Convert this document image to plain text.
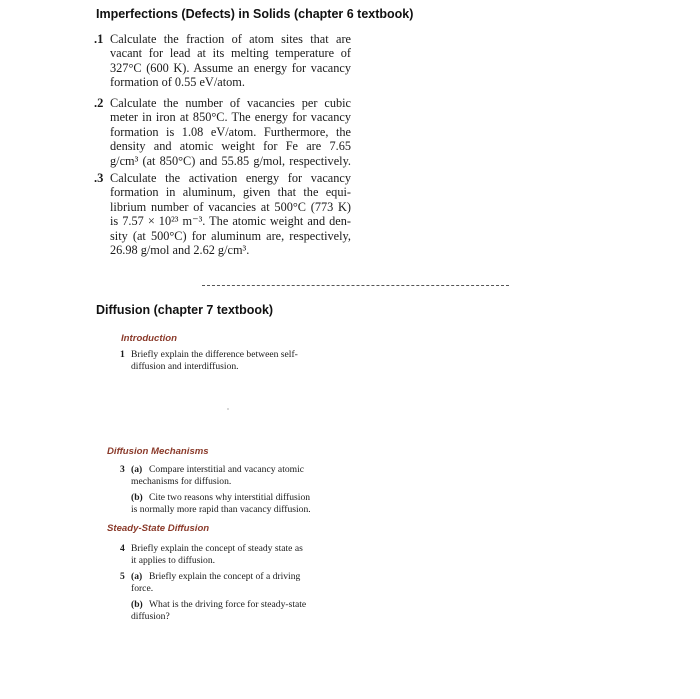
Imperfections (Defects) in Solids (chapter 6 textbook)
.1 Calculate the fraction of atom sites that are
vacant for lead at its melting temperature of
327°C (600 K). Assume an energy for vacancy
formation of 0.55 eV/atom.
.2 Calculate the number of vacancies per cubic
meter in iron at 850°C. The energy for vacancy
formation is 1.08 eV/atom. Furthermore, the
density and atomic weight for Fe are 7.65
g/cm³ (at 850°C) and 55.85 g/mol, respectively.
.3 Calculate the activation energy for vacancy
formation in aluminum, given that the equi-
librium number of vacancies at 500°C (773 K)
is 7.57 × 10²³ m⁻³. The atomic weight and den-
sity (at 500°C) for aluminum are, respectively,
26.98 g/mol and 2.62 g/cm³.
Diffusion (chapter 7 textbook)
Introduction
1 Briefly explain the difference between self-
diffusion and interdiffusion.
Diffusion Mechanisms
3 (a) Compare interstitial and vacancy atomic
mechanisms for diffusion.
(b) Cite two reasons why interstitial diffusion
is normally more rapid than vacancy diffusion.
Steady-State Diffusion
4 Briefly explain the concept of steady state as
it applies to diffusion.
5 (a) Briefly explain the concept of a driving
force.
(b) What is the driving force for steady-state
diffusion?
